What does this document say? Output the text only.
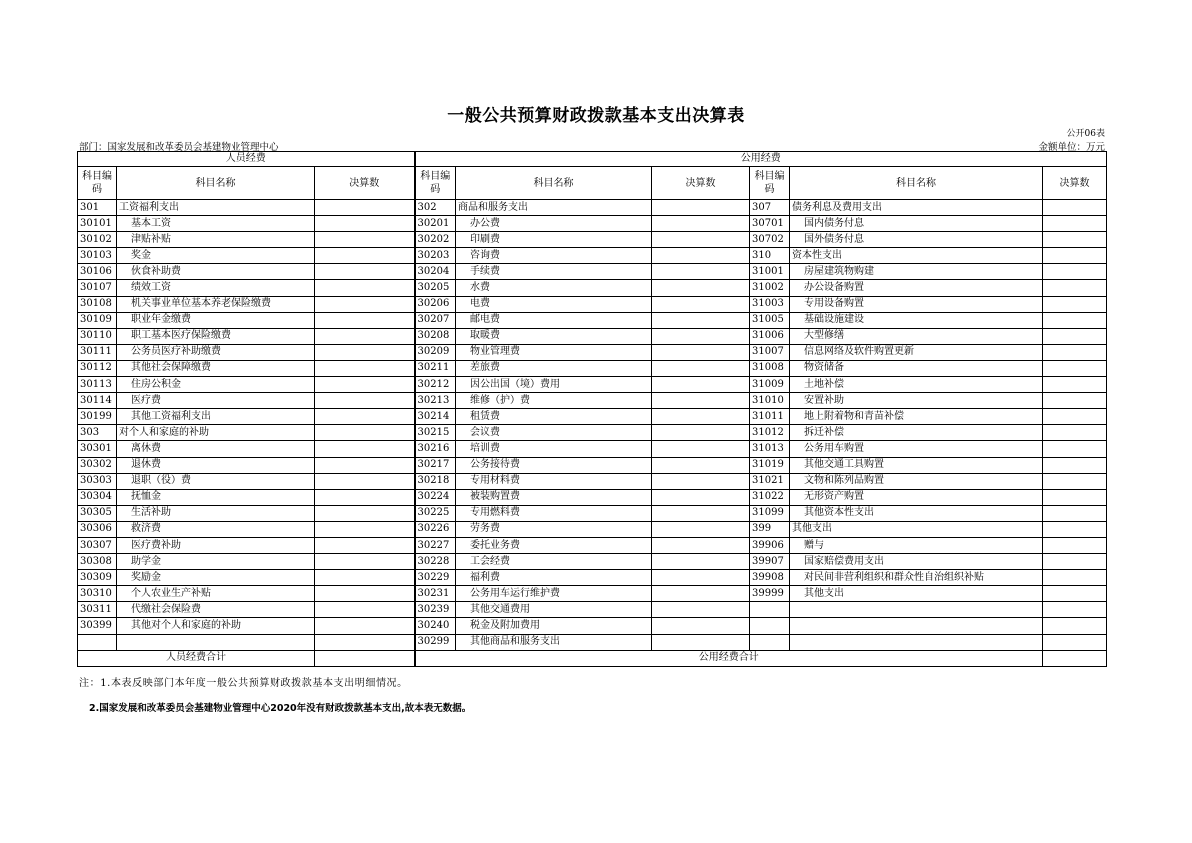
一般公共预算财政拨款基本支出决算表
公开06表
部门：国家发展和改革委员会基建物业管理中心	金额单位：万元
人员经费			公用经费					
科目编码	科目名称	决算数	科目编码	科目名称	决算数	科目编码	科目名称	决算数
301	工资福利支出		302	商品和服务支出		307	债务利息及费用支出	
30101	基本工资		30201	办公费		30701	国内债务付息	
30102	津贴补贴		30202	印刷费		30702	国外债务付息	
30103	奖金		30203	咨询费		310	资本性支出	
30106	伙食补助费		30204	手续费		31001	房屋建筑物购建	
30107	绩效工资		30205	水费		31002	办公设备购置	
30108	机关事业单位基本养老保险缴费		30206	电费		31003	专用设备购置	
30109	职业年金缴费		30207	邮电费		31005	基础设施建设	
30110	职工基本医疗保险缴费		30208	取暖费		31006	大型修缮	
30111	公务员医疗补助缴费		30209	物业管理费		31007	信息网络及软件购置更新	
30112	其他社会保障缴费		30211	差旅费		31008	物资储备	
30113	住房公积金		30212	因公出国（境）费用		31009	土地补偿	
30114	医疗费		30213	维修（护）费		31010	安置补助	
30199	其他工资福利支出		30214	租赁费		31011	地上附着物和青苗补偿	
303	对个人和家庭的补助		30215	会议费		31012	拆迁补偿	
30301	离休费		30216	培训费		31013	公务用车购置	
30302	退休费		30217	公务接待费		31019	其他交通工具购置	
30303	退职（役）费		30218	专用材料费		31021	文物和陈列品购置	
30304	抚恤金		30224	被装购置费		31022	无形资产购置	
30305	生活补助		30225	专用燃料费		31099	其他资本性支出	
30306	救济费		30226	劳务费		399	其他支出	
30307	医疗费补助		30227	委托业务费		39906	赠与	
30308	助学金		30228	工会经费		39907	国家赔偿费用支出	
30309	奖励金		30229	福利费		39908	对民间非营利组织和群众性自治组织补贴	
30310	个人农业生产补贴		30231	公务用车运行维护费		39999	其他支出	
30311	代缴社会保险费		30239	其他交通费用				
30399	其他对个人和家庭的补助		30240	税金及附加费用				
			30299	其他商品和服务支出				
人员经费合计			公用经费合计					
注：1.本表反映部门本年度一般公共预算财政拨款基本支出明细情况。
2.国家发展和改革委员会基建物业管理中心2020年没有财政拨款基本支出,故本表无数据。
